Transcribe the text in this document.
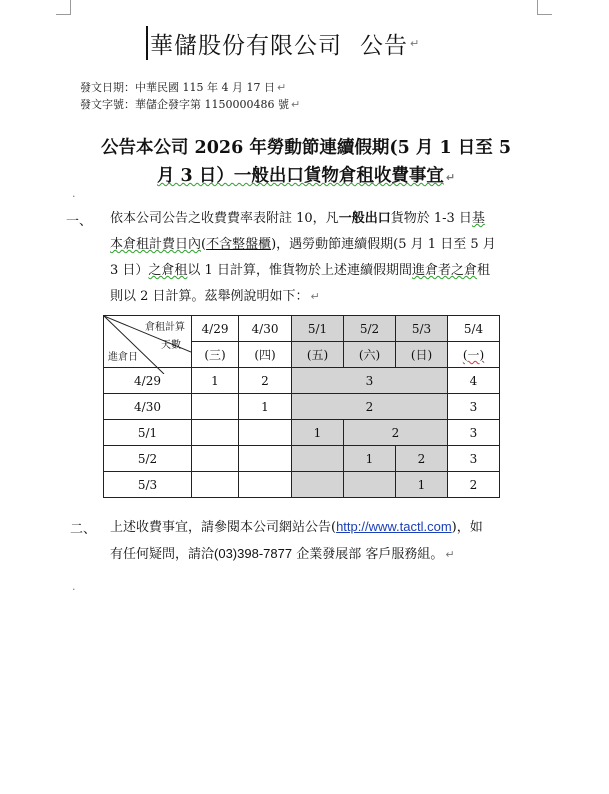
華儲股份有限公司 公告 ↵
發文日期：中華民國 115 年 4 月 17 日 ↵
發文字號：華儲企發字第 1150000486 號 ↵
公告本公司 2026 年勞動節連續假期(5 月 1 日至 5
月 3 日）一般出口貨物倉租收費事宜 ↵
.
一、 依本公司公告之收費費率表附註 10，凡一般出口貨物於 1-3 日基
本倉租計費日內(不含整盤櫃)，遇勞動節連續假期(5 月 1 日至 5 月
3 日）之倉租以 1 日計算，惟貨物於上述連續假期間進倉者之倉租
則以 2 日計算。茲舉例說明如下： ↵
倉租計算
天數
進倉日	4/29	4/30	5/1	5/2	5/3	5/4
	(三)	(四)	(五)	(六)	(日)	(一)
4/29	1	2	3			4
4/30		1	2			3
5/1			1	2		3
5/2				1	2	3
5/3					1	2
二、 上述收費事宜，請參閱本公司網站公告(http://www.tactl.com)，如
有任何疑問，請洽(03)398-7877 企業發展部 客戶服務組。 ↵
.
